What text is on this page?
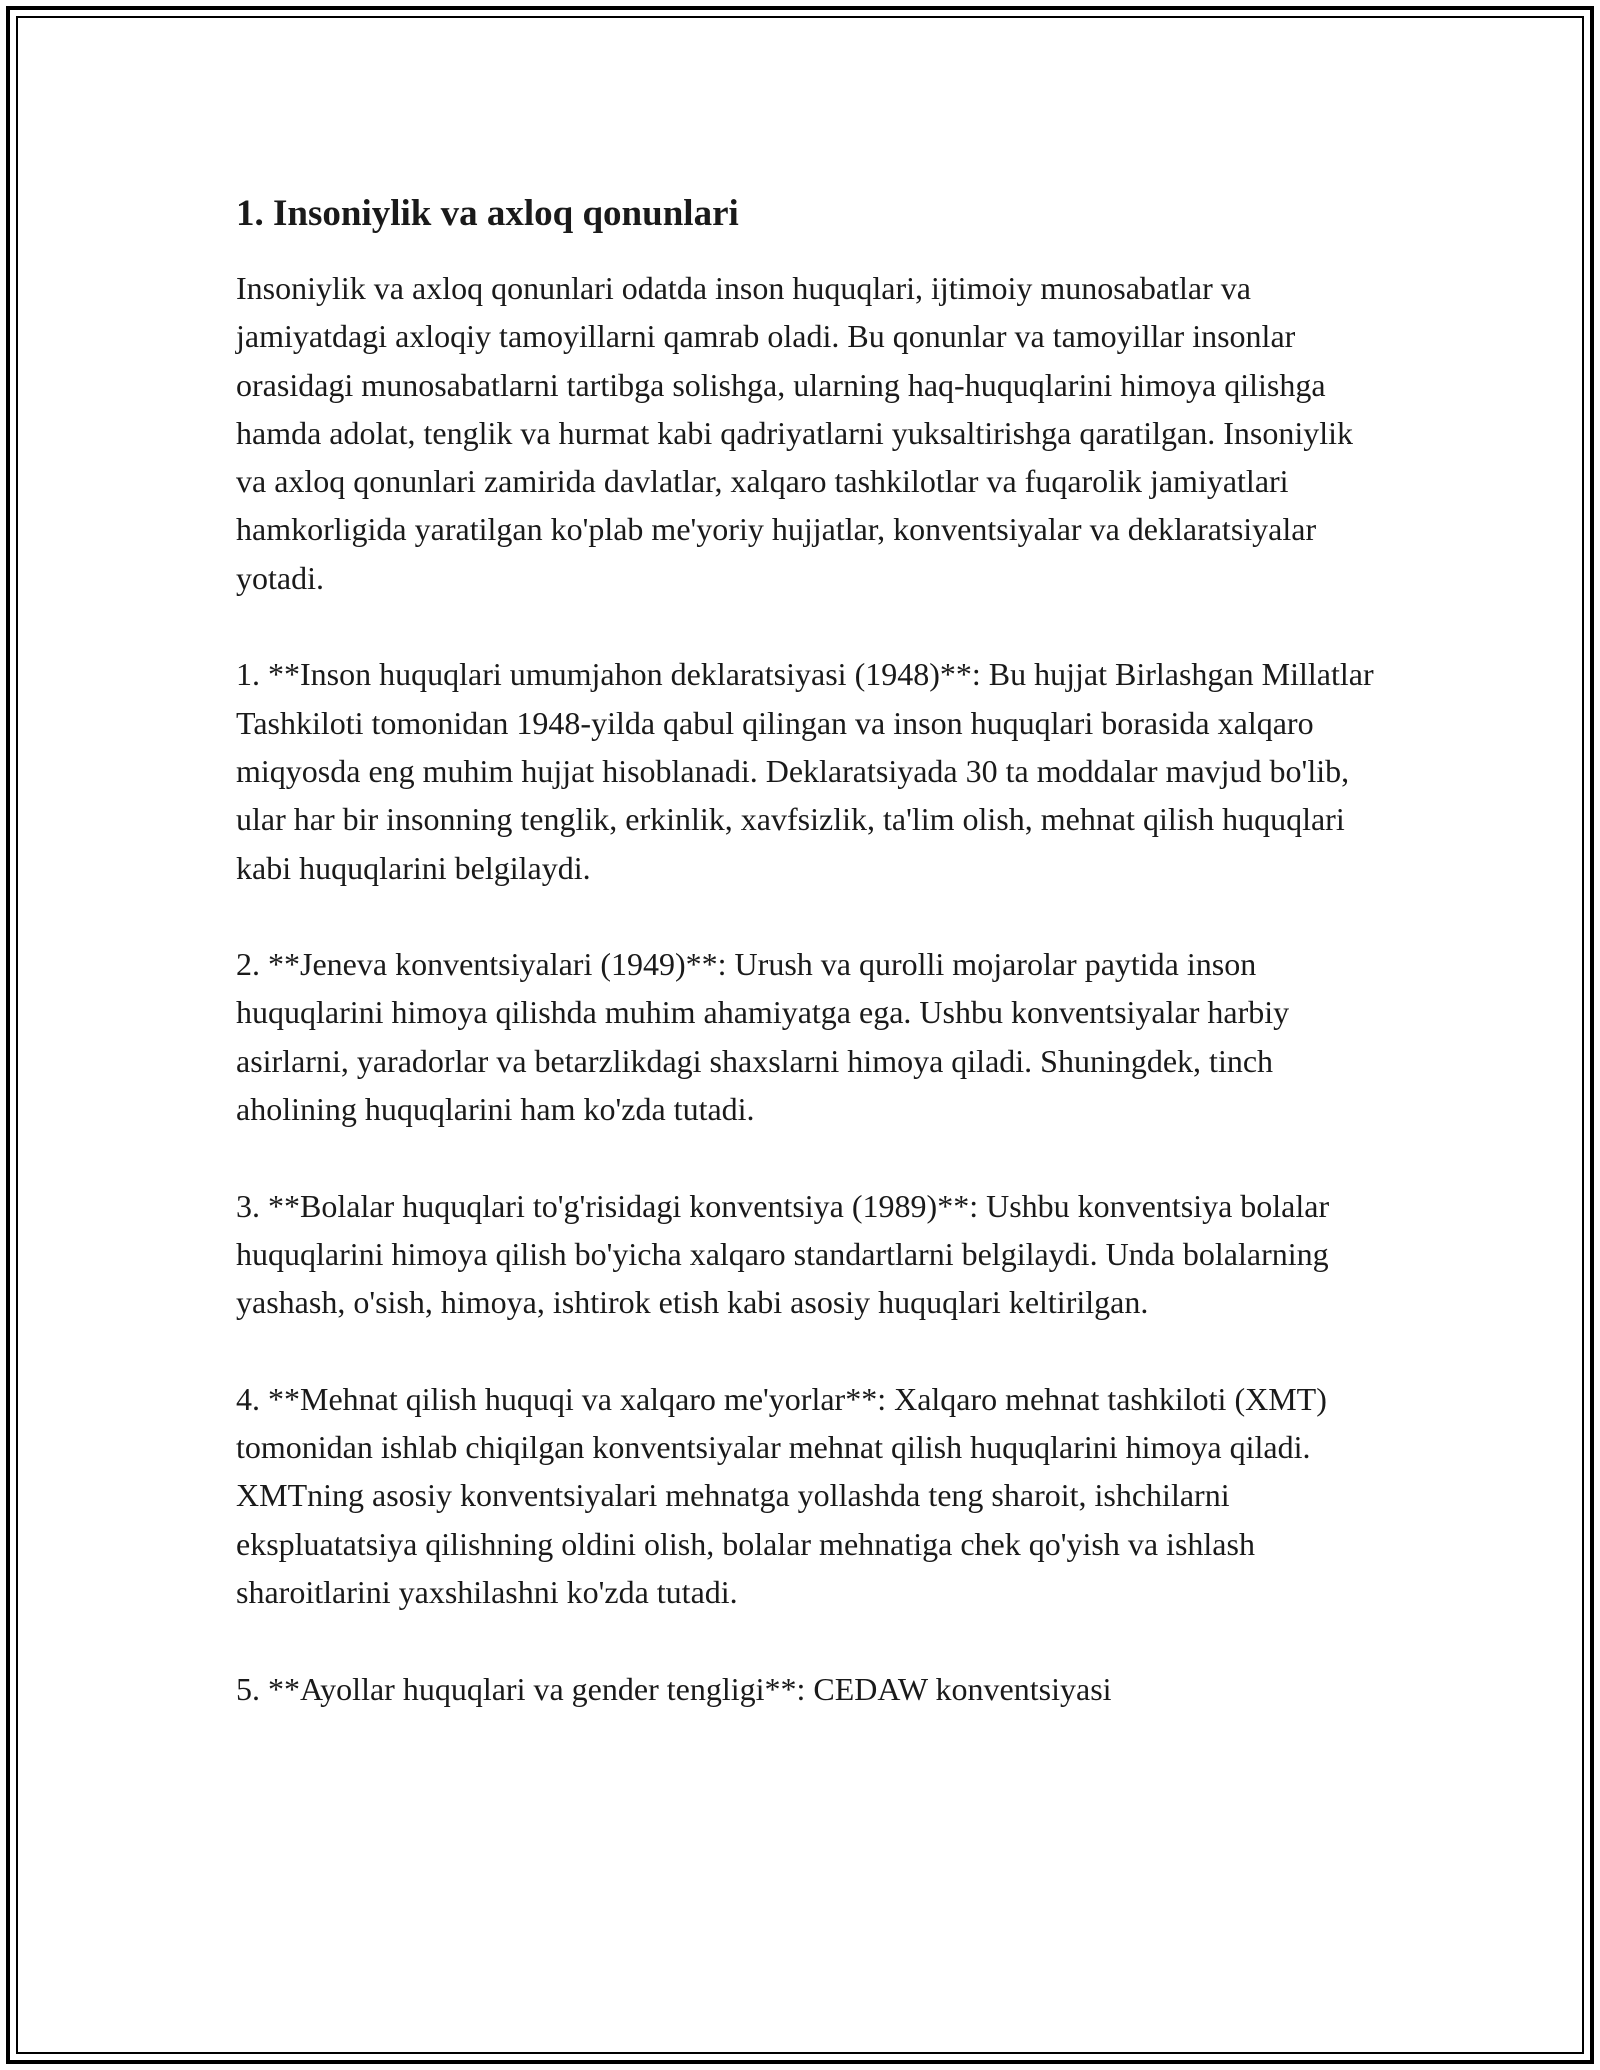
1. Insoniylik va axloq qonunlari

Insoniylik va axloq qonunlari odatda inson huquqlari, ijtimoiy munosabatlar va jamiyatdagi axloqiy tamoyillarni qamrab oladi. Bu qonunlar va tamoyillar insonlar orasidagi munosabatlarni tartibga solishga, ularning haq-huquqlarini himoya qilishga hamda adolat, tenglik va hurmat kabi qadriyatlarni yuksaltirishga qaratilgan. Insoniylik va axloq qonunlari zamirida davlatlar, xalqaro tashkilotlar va fuqarolik jamiyatlari hamkorligida yaratilgan ko'plab me'yoriy hujjatlar, konventsiyalar va deklaratsiyalar yotadi.

1. **Inson huquqlari umumjahon deklaratsiyasi (1948)**: Bu hujjat Birlashgan Millatlar Tashkiloti tomonidan 1948-yilda qabul qilingan va inson huquqlari borasida xalqaro miqyosda eng muhim hujjat hisoblanadi. Deklaratsiyada 30 ta moddalar mavjud bo'lib, ular har bir insonning tenglik, erkinlik, xavfsizlik, ta'lim olish, mehnat qilish huquqlari kabi huquqlarini belgilaydi.

2. **Jeneva konventsiyalari (1949)**: Urush va qurolli mojarolar paytida inson huquqlarini himoya qilishda muhim ahamiyatga ega. Ushbu konventsiyalar harbiy asirlarni, yaradorlar va betarzlikdagi shaxslarni himoya qiladi. Shuningdek, tinch aholining huquqlarini ham ko'zda tutadi.

3. **Bolalar huquqlari to'g'risidagi konventsiya (1989)**: Ushbu konventsiya bolalar huquqlarini himoya qilish bo'yicha xalqaro standartlarni belgilaydi. Unda bolalarning yashash, o'sish, himoya, ishtirok etish kabi asosiy huquqlari keltirilgan.

4. **Mehnat qilish huquqi va xalqaro me'yorlar**: Xalqaro mehnat tashkiloti (XMT) tomonidan ishlab chiqilgan konventsiyalar mehnat qilish huquqlarini himoya qiladi. XMTning asosiy konventsiyalari mehnatga yollashda teng sharoit, ishchilarni ekspluatatsiya qilishning oldini olish, bolalar mehnatiga chek qo'yish va ishlash sharoitlarini yaxshilashni ko'zda tutadi.

5. **Ayollar huquqlari va gender tengligi**: CEDAW konventsiyasi
